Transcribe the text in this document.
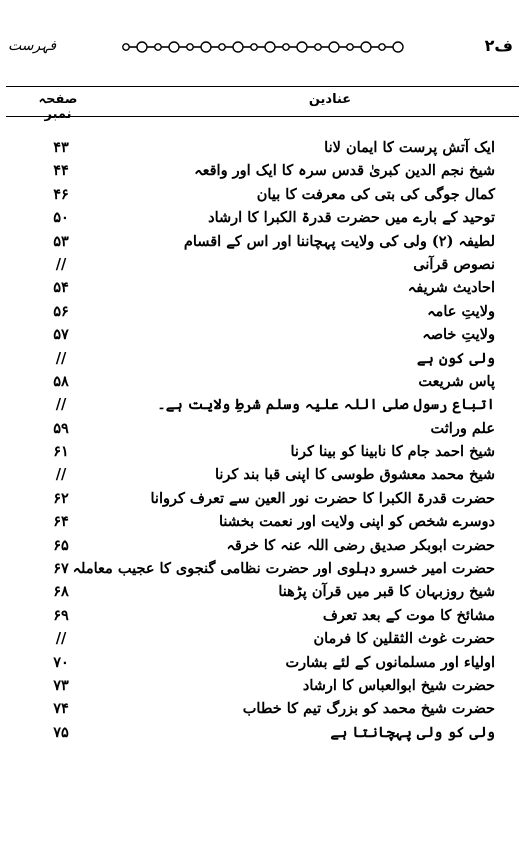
فہرست	ف۲
صفحہ نمبر
عنادین
ایک آتش پرست کا ایمان لانا
۴۳
شیخ نجم الدین کبریٰ قدس سرہ کا ایک اور واقعہ
۴۴
کمال جوگی کی بتی کی معرفت کا بیان
۴۶
توحید کے بارے میں حضرت قدرۃ الکبرا کا ارشاد
۵۰
لطیفہ (۲) ولی کی ولایت پہچاننا اور اس کے اقسام
۵۳
نصوص قرآنی
//
احادیث شریفہ
۵۴
ولایتِ عامہ
۵۶
ولایتِ خاصہ
۵۷
ولی کون ہے
//
پاس شریعت
۵۸
اتباع رسول صلی اللہ علیہ وسلم شرطِ ولایت ہے۔
//
علم وراثت
۵۹
شیخ احمد جام کا نابینا کو بینا کرنا
۶۱
شیخ محمد معشوق طوسی کا اپنی قبا بند کرنا
//
حضرت قدرۃ الکبرا کا حضرت نور العین سے تعرف کروانا
۶۲
دوسرے شخص کو اپنی ولایت اور نعمت بخشنا
۶۴
حضرت ابوبکر صدیق رضی اللہ عنہ کا خرقہ
۶۵
حضرت امیر خسرو دہلوی اور حضرت نظامی گنجوی کا عجیب معاملہ
۶۷
شیخ روزبہان کا قبر میں قرآن پڑھنا
۶۸
مشائخ کا موت کے بعد تعرف
۶۹
حضرت غوث الثقلین کا فرمان
//
اولیاء اور مسلمانوں کے لئے بشارت
۷۰
حضرت شیخ ابوالعباس کا ارشاد
۷۳
حضرت شیخ محمد کو بزرگ تیم کا خطاب
۷۴
ولی کو ولی پہچانتا ہے
۷۵
